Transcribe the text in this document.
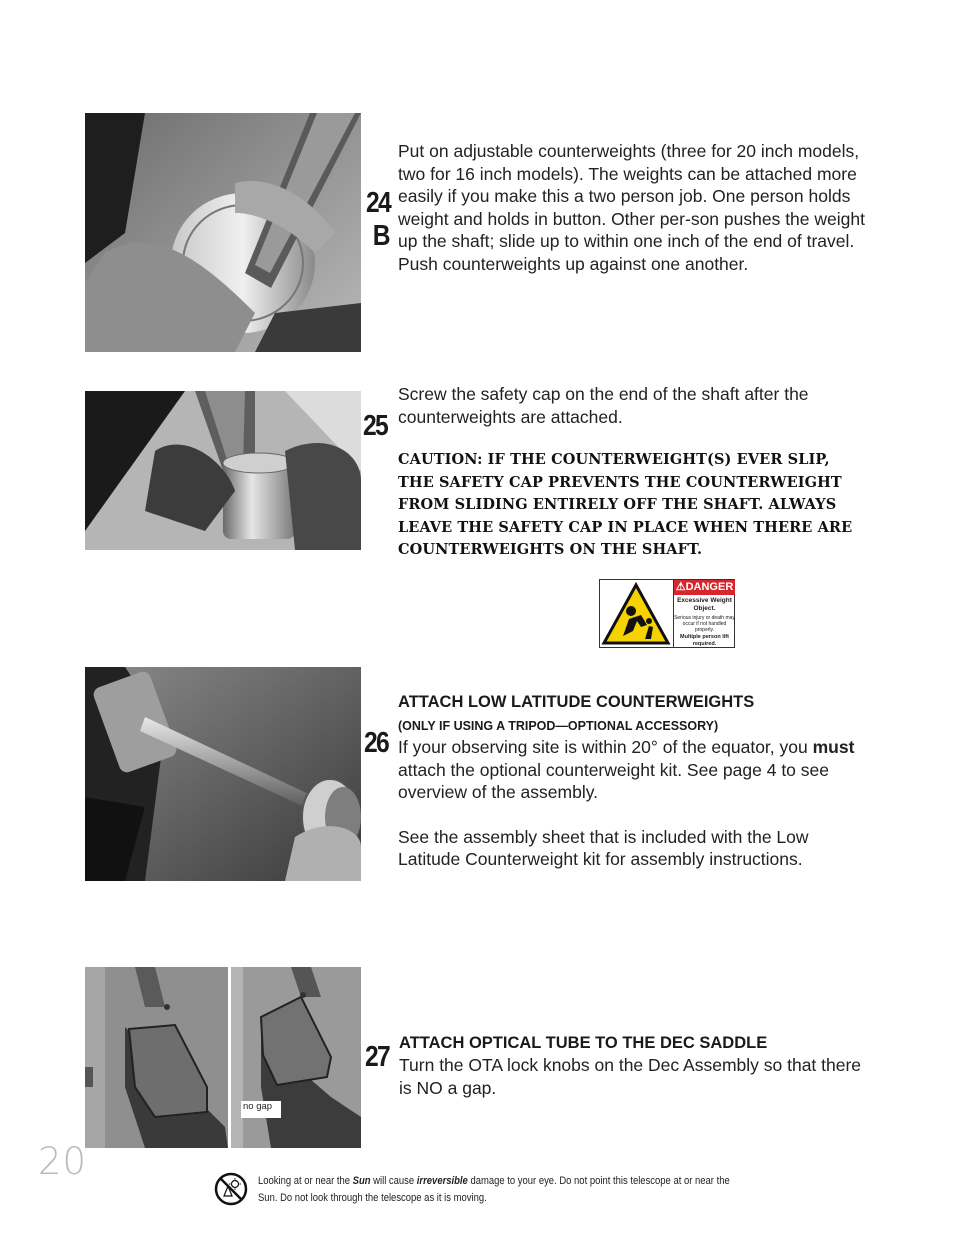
24
B
Put on adjustable counterweights (three for 20 inch models, two for 16 inch models). The weights can be attached more easily if you make this a two person job. One person holds weight and holds in button. Other per-son pushes the weight up the shaft; slide up to within one inch of the end of travel. Push counterweights up against one another.
25
Screw the safety cap on the end of the shaft after the counterweights are attached.
CAUTION: IF THE COUNTERWEIGHT(S) EVER SLIP, THE SAFETY CAP PREVENTS THE COUNTERWEIGHT FROM SLIDING ENTIRELY OFF THE SHAFT. ALWAYS LEAVE THE SAFETY CAP IN PLACE WHEN THERE ARE COUNTERWEIGHTS ON THE SHAFT.
⚠DANGER
Excessive Weight Object.
Serious injury or death may occur if not handled properly.
Multiple person lift required.
26
ATTACH LOW LATITUDE COUNTERWEIGHTS
(ONLY IF USING A TRIPOD—OPTIONAL ACCESSORY)
If your observing site is within 20° of the equator, you must attach the optional counterweight kit. See page 4 to see overview of the assembly.
See the assembly sheet that is included with the Low Latitude Counterweight kit for assembly instructions.
no gap
27 ATTACH OPTICAL TUBE TO THE DEC SADDLE
Turn the OTA lock knobs on the Dec Assembly so that there is NO a gap.
20	Looking at or near the Sun will cause irreversible damage to your eye. Do not point this telescope at or near the Sun. Do not look through the telescope as it is moving.
